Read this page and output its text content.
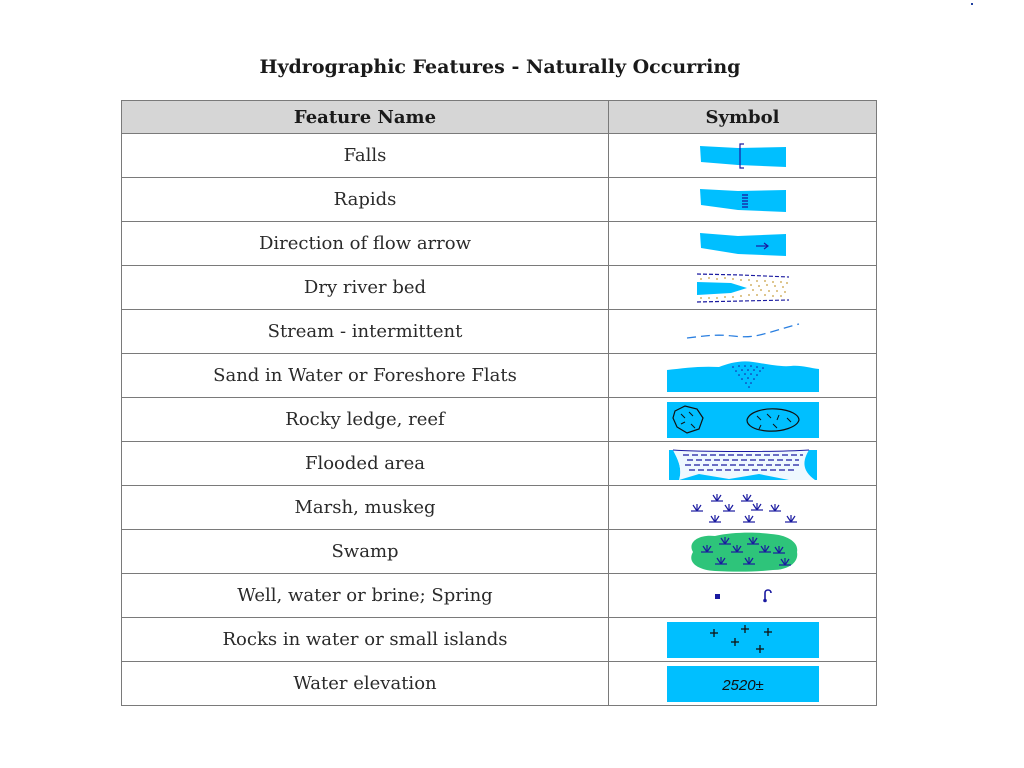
Hydrographic Features - Naturally Occurring
Feature Name	Symbol
Falls	
Rapids	
Direction of flow arrow	
Dry river bed	
Stream - intermittent	
Sand in Water or Foreshore Flats	
Rocky ledge, reef	
Flooded area	
Marsh, muskeg	
Swamp	
Well, water or brine; Spring	
Rocks in water or small islands	
Water elevation	2520±
